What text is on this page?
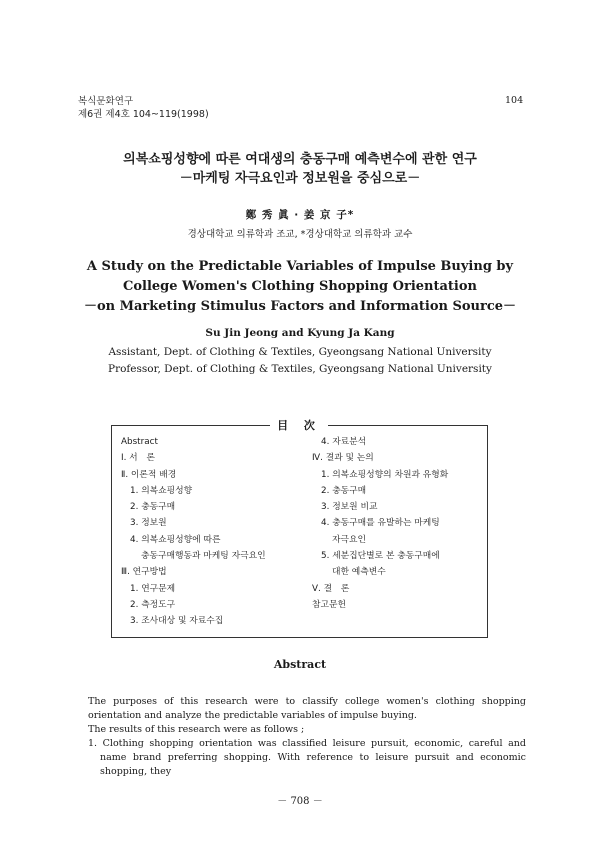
복식문화연구
제6권 제4호 104~119(1998)
104
의복쇼핑성향에 따른 여대생의 충동구매 예측변수에 관한 연구
－마케팅 자극요인과 정보원을 중심으로－
鄭 秀 眞 · 姜 京 子*
경상대학교 의류학과 조교, *경상대학교 의류학과 교수
A Study on the Predictable Variables of Impulse Buying by
College Women's Clothing Shopping Orientation
－on Marketing Stimulus Factors and Information Source－
Su Jin Jeong and Kyung Ja Kang
Assistant, Dept. of Clothing & Textiles, Gyeongsang National University
Professor, Dept. of Clothing & Textiles, Gyeongsang National University
目 次
Abstract
Ⅰ. 서　론
Ⅱ. 이론적 배경
1. 의복쇼핑성향
2. 충동구매
3. 정보원
4. 의복쇼핑성향에 따른
충동구매행동과 마케팅 자극요인
Ⅲ. 연구방법
1. 연구문제
2. 측정도구
3. 조사대상 및 자료수집
4. 자료분석
Ⅳ. 결과 및 논의
1. 의복쇼핑성향의 차원과 유형화
2. 충동구매
3. 정보원 비교
4. 충동구매를 유발하는 마케팅
자극요인
5. 세분집단별로 본 충동구매에
대한 예측변수
Ⅴ. 결　론
참고문헌
Abstract

The purposes of this research were to classify college women's clothing shopping orientation and analyze the predictable variables of impulse buying.

The results of this research were as follows ;

1. Clothing shopping orientation was classified leisure pursuit, economic, careful and name brand preferring shopping. With reference to leisure pursuit and economic shopping, they

－ 708 －
